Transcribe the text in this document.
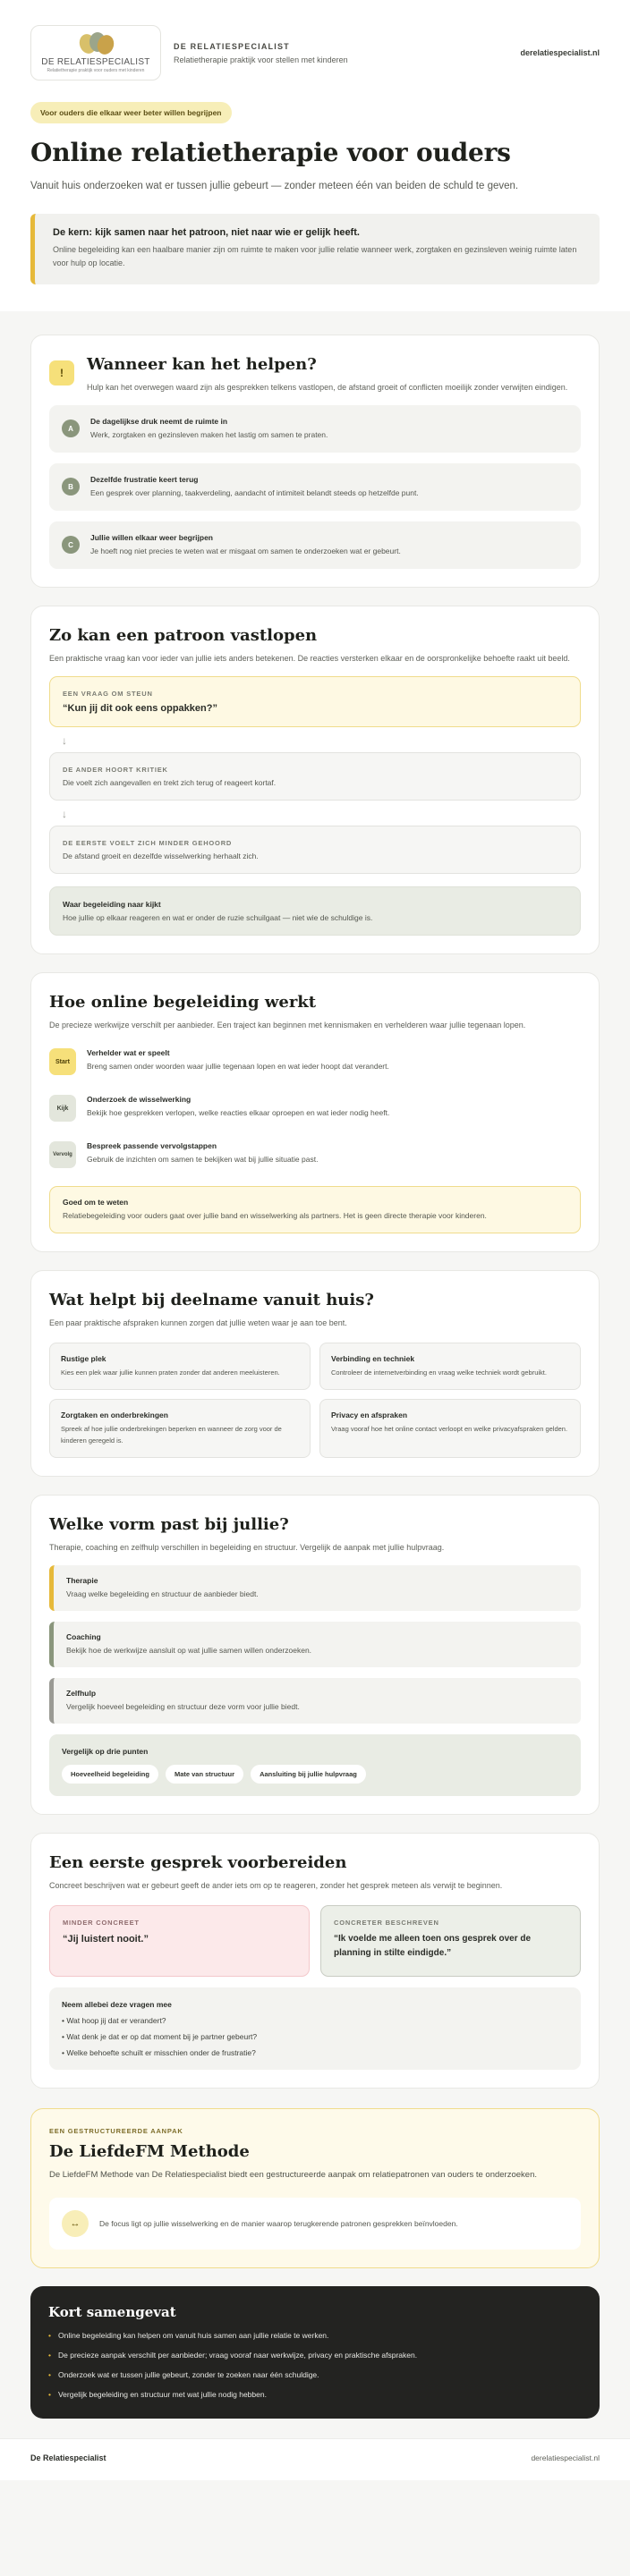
DE RELATIESPECIALIST
Relatietherapie praktijk voor ouders met kinderen
DE RELATIESPECIALIST
Relatietherapie praktijk voor stellen met kinderen
derelatiespecialist.nl
Voor ouders die elkaar weer beter willen begrijpen
Online relatietherapie voor ouders

Vanuit huis onderzoeken wat er tussen jullie gebeurt — zonder meteen één van beiden de schuld te geven.

De kern: kijk samen naar het patroon, niet naar wie er gelijk heeft.
Online begeleiding kan een haalbare manier zijn om ruimte te maken voor jullie relatie wanneer werk, zorgtaken en gezinsleven weinig ruimte laten voor hulp op locatie.
!	Wanneer kan het helpen?
Hulp kan het overwegen waard zijn als gesprekken telkens vastlopen, de afstand groeit of conflicten moeilijk zonder verwijten eindigen.
A
De dagelijkse druk neemt de ruimte in
Werk, zorgtaken en gezinsleven maken het lastig om samen te praten.
B
Dezelfde frustratie keert terug
Een gesprek over planning, taakverdeling, aandacht of intimiteit belandt steeds op hetzelfde punt.
C
Jullie willen elkaar weer begrijpen
Je hoeft nog niet precies te weten wat er misgaat om samen te onderzoeken wat er gebeurt.
Zo kan een patroon vastlopen
Een praktische vraag kan voor ieder van jullie iets anders betekenen. De reacties versterken elkaar en de oorspronkelijke behoefte raakt uit beeld.
EEN VRAAG OM STEUN
“Kun jij dit ook eens oppakken?”
↓
DE ANDER HOORT KRITIEK
Die voelt zich aangevallen en trekt zich terug of reageert kortaf.
↓
DE EERSTE VOELT ZICH MINDER GEHOORD
De afstand groeit en dezelfde wisselwerking herhaalt zich.
Waar begeleiding naar kijkt
Hoe jullie op elkaar reageren en wat er onder de ruzie schuilgaat — niet wie de schuldige is.
Hoe online begeleiding werkt
De precieze werkwijze verschilt per aanbieder. Een traject kan beginnen met kennismaken en verhelderen waar jullie tegenaan lopen.
Start
Verhelder wat er speelt
Breng samen onder woorden waar jullie tegenaan lopen en wat ieder hoopt dat verandert.
Kijk
Onderzoek de wisselwerking
Bekijk hoe gesprekken verlopen, welke reacties elkaar oproepen en wat ieder nodig heeft.
Vervolg
Bespreek passende vervolgstappen
Gebruik de inzichten om samen te bekijken wat bij jullie situatie past.
Goed om te weten
Relatiebegeleiding voor ouders gaat over jullie band en wisselwerking als partners. Het is geen directe therapie voor kinderen.
Wat helpt bij deelname vanuit huis?
Een paar praktische afspraken kunnen zorgen dat jullie weten waar je aan toe bent.
Rustige plek
Kies een plek waar jullie kunnen praten zonder dat anderen meeluisteren.
Verbinding en techniek
Controleer de internetverbinding en vraag welke techniek wordt gebruikt.
Zorgtaken en onderbrekingen
Spreek af hoe jullie onderbrekingen beperken en wanneer de zorg voor de kinderen geregeld is.
Privacy en afspraken
Vraag vooraf hoe het online contact verloopt en welke privacyafspraken gelden.
Welke vorm past bij jullie?
Therapie, coaching en zelfhulp verschillen in begeleiding en structuur. Vergelijk de aanpak met jullie hulpvraag.
Therapie
Vraag welke begeleiding en structuur de aanbieder biedt.
Coaching
Bekijk hoe de werkwijze aansluit op wat jullie samen willen onderzoeken.
Zelfhulp
Vergelijk hoeveel begeleiding en structuur deze vorm voor jullie biedt.
Vergelijk op drie punten
Hoeveelheid begeleiding	Mate van structuur	Aansluiting bij jullie hulpvraag
Een eerste gesprek voorbereiden
Concreet beschrijven wat er gebeurt geeft de ander iets om op te reageren, zonder het gesprek meteen als verwijt te beginnen.
MINDER CONCREET
“Jij luistert nooit.”
CONCRETER BESCHREVEN
“Ik voelde me alleen toen ons gesprek over de planning in stilte eindigde.”
Neem allebei deze vragen mee
• Wat hoop jij dat er verandert?
• Wat denk je dat er op dat moment bij je partner gebeurt?
• Welke behoefte schuilt er misschien onder de frustratie?
EEN GESTRUCTUREERDE AANPAK
De LiefdeFM Methode
De LiefdeFM Methode van De Relatiespecialist biedt een gestructureerde aanpak om relatiepatronen van ouders te onderzoeken.
↔	De focus ligt op jullie wisselwerking en de manier waarop terugkerende patronen gesprekken beïnvloeden.
Kort samengevat
• Online begeleiding kan helpen om vanuit huis samen aan jullie relatie te werken.
• De precieze aanpak verschilt per aanbieder; vraag vooraf naar werkwijze, privacy en praktische afspraken.
• Onderzoek wat er tussen jullie gebeurt, zonder te zoeken naar één schuldige.
• Vergelijk begeleiding en structuur met wat jullie nodig hebben.
De Relatiespecialist	derelatiespecialist.nl
